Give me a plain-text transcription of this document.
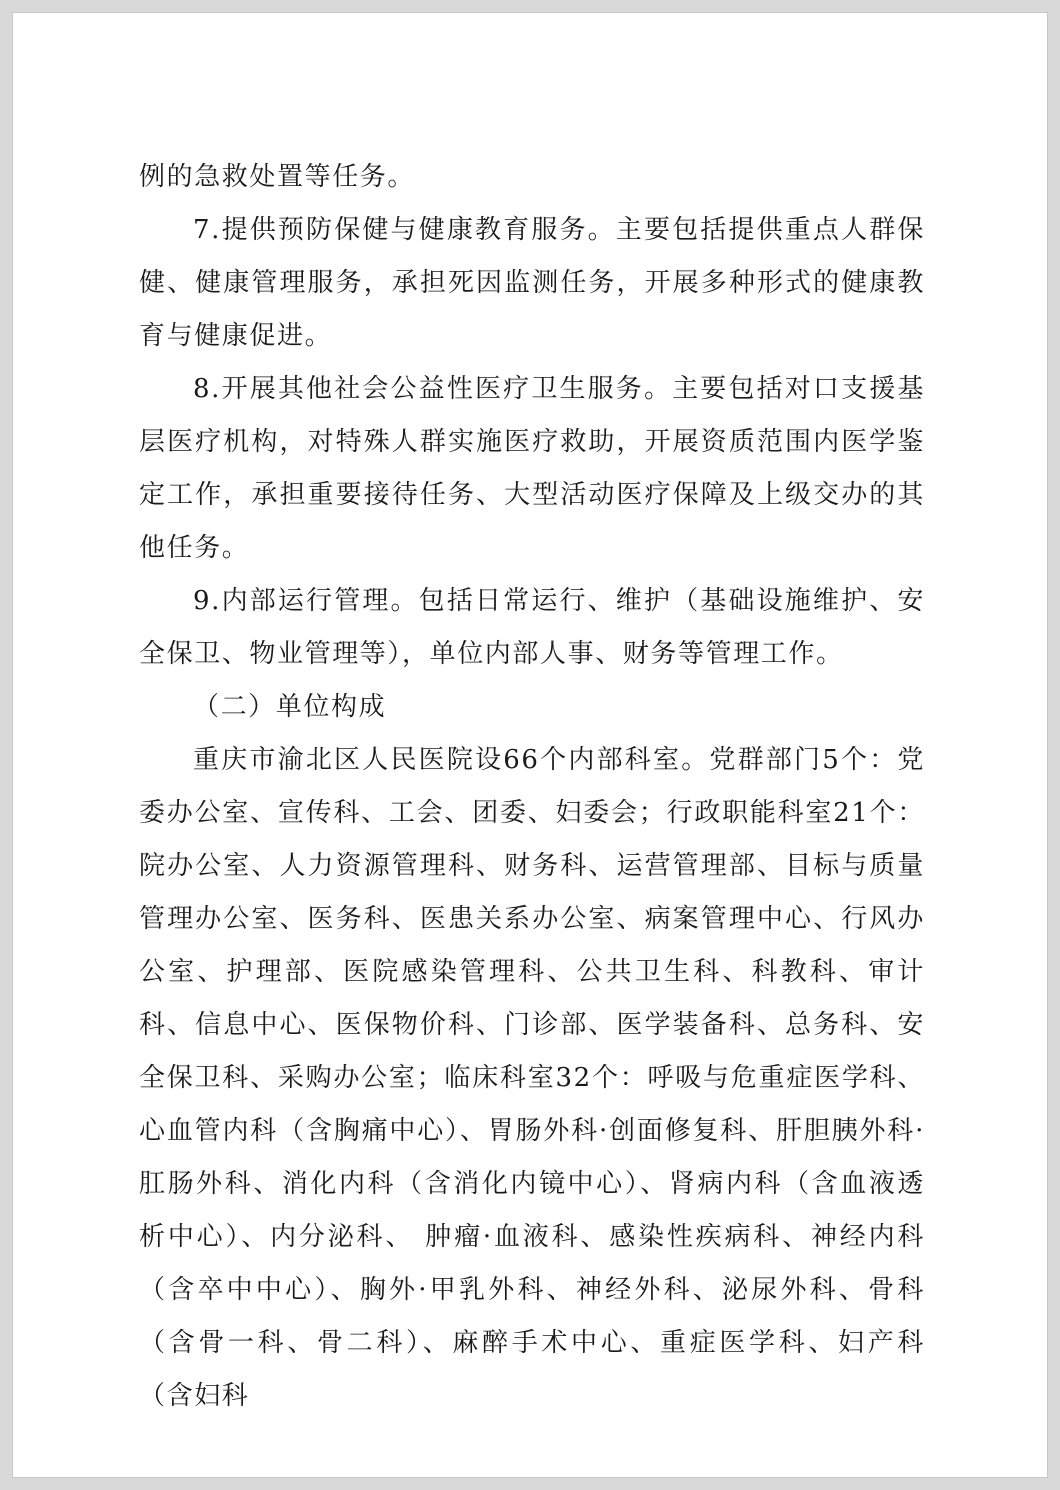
例的急救处置等任务。

7.提供预防保健与健康教育服务。主要包括提供重点人群保健、健康管理服务，承担死因监测任务，开展多种形式的健康教育与健康促进。

8.开展其他社会公益性医疗卫生服务。主要包括对口支援基层医疗机构，对特殊人群实施医疗救助，开展资质范围内医学鉴定工作，承担重要接待任务、大型活动医疗保障及上级交办的其他任务。

9.内部运行管理。包括日常运行、维护（基础设施维护、安全保卫、物业管理等），单位内部人事、财务等管理工作。

（二）单位构成

重庆市渝北区人民医院设66个内部科室。党群部门5个：党委办公室、宣传科、工会、团委、妇委会；行政职能科室21个：院办公室、人力资源管理科、财务科、运营管理部、目标与质量管理办公室、医务科、医患关系办公室、病案管理中心、行风办公室、护理部、医院感染管理科、公共卫生科、科教科、审计科、信息中心、医保物价科、门诊部、医学装备科、总务科、安全保卫科、采购办公室；临床科室32个：呼吸与危重症医学科、心血管内科（含胸痛中心）、胃肠外科·创面修复科、肝胆胰外科·肛肠外科、消化内科（含消化内镜中心）、肾病内科（含血液透析中心）、内分泌科、 肿瘤·血液科、感染性疾病科、神经内科（含卒中中心）、胸外·甲乳外科、神经外科、泌尿外科、骨科（含骨一科、骨二科）、麻醉手术中心、重症医学科、妇产科（含妇科
